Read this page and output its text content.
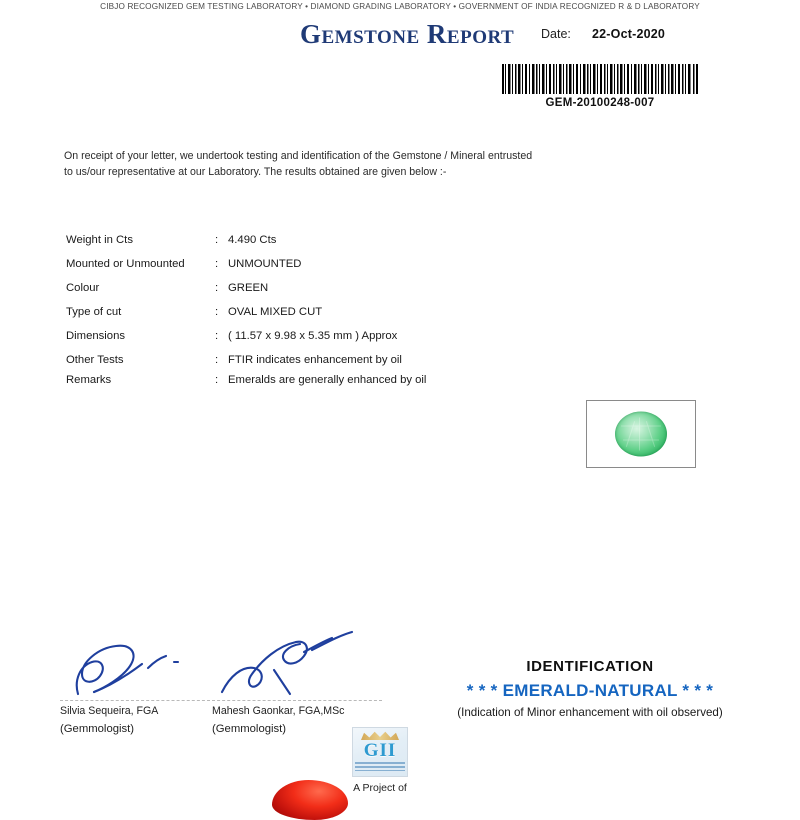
CIBJO RECOGNIZED GEM TESTING LABORATORY • DIAMOND GRADING LABORATORY • GOVERNMENT OF INDIA RECOGNIZED R & D LABORATORY
Gemstone Report Date: 22-Oct-2020
GEM-20100248-007
On receipt of your letter, we undertook testing and identification of the Gemstone / Mineral entrusted to us/our representative at our Laboratory. The results obtained are given below :-
Weight in Cts	: 4.490 Cts
Mounted or Unmounted	: UNMOUNTED
Colour	: GREEN
Type of cut	: OVAL MIXED CUT
Dimensions	: ( 11.57 x 9.98 x 5.35 mm ) Approx
Other Tests	: FTIR indicates enhancement by oil
Remarks	: Emeralds are generally enhanced by oil
Silvia Sequeira, FGA
(Gemmologist)
Mahesh Gaonkar, FGA,MSc
(Gemmologist)
IDENTIFICATION
* * * EMERALD-NATURAL * * *
(Indication of Minor enhancement with oil observed)
GII
A Project of
